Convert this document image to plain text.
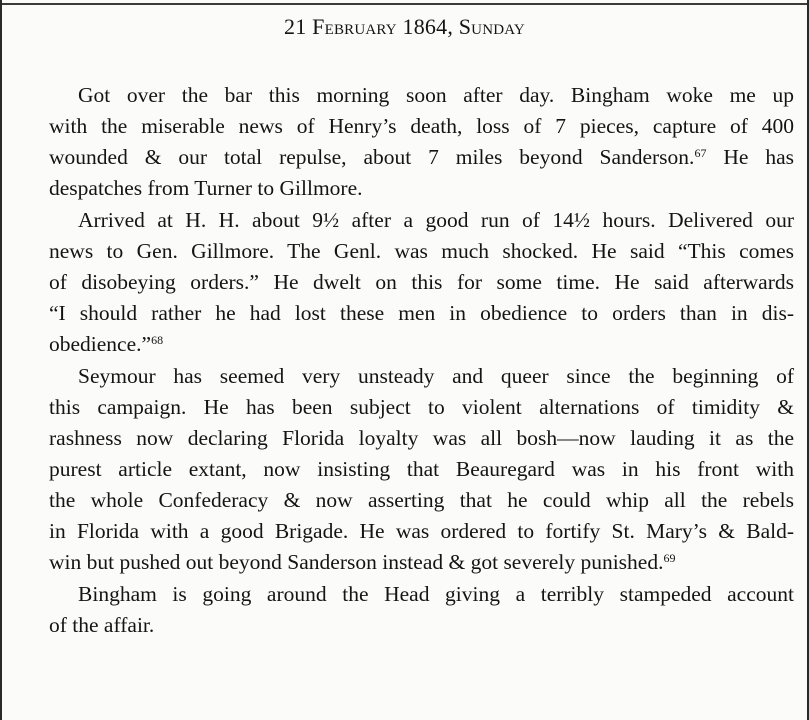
21 February 1864, Sunday
Got over the bar this morning soon after day. Bingham woke me up
with the miserable news of Henry’s death, loss of 7 pieces, capture of 400
wounded & our total repulse, about 7 miles beyond Sanderson.$^{67}$ He has
despatches from Turner to Gillmore.
Arrived at H. H. about 9½ after a good run of 14½ hours. Delivered our
news to Gen. Gillmore. The Genl. was much shocked. He said “This comes
of disobeying orders.” He dwelt on this for some time. He said afterwards
“I should rather he had lost these men in obedience to orders than in dis-
obedience.”$^{68}$
Seymour has seemed very unsteady and queer since the beginning of
this campaign. He has been subject to violent alternations of timidity &
rashness now declaring Florida loyalty was all bosh—now lauding it as the
purest article extant, now insisting that Beauregard was in his front with
the whole Confederacy & now asserting that he could whip all the rebels
in Florida with a good Brigade. He was ordered to fortify St. Mary’s & Bald-
win but pushed out beyond Sanderson instead & got severely punished.$^{69}$
Bingham is going around the Head giving a terribly stampeded account
of the affair.
